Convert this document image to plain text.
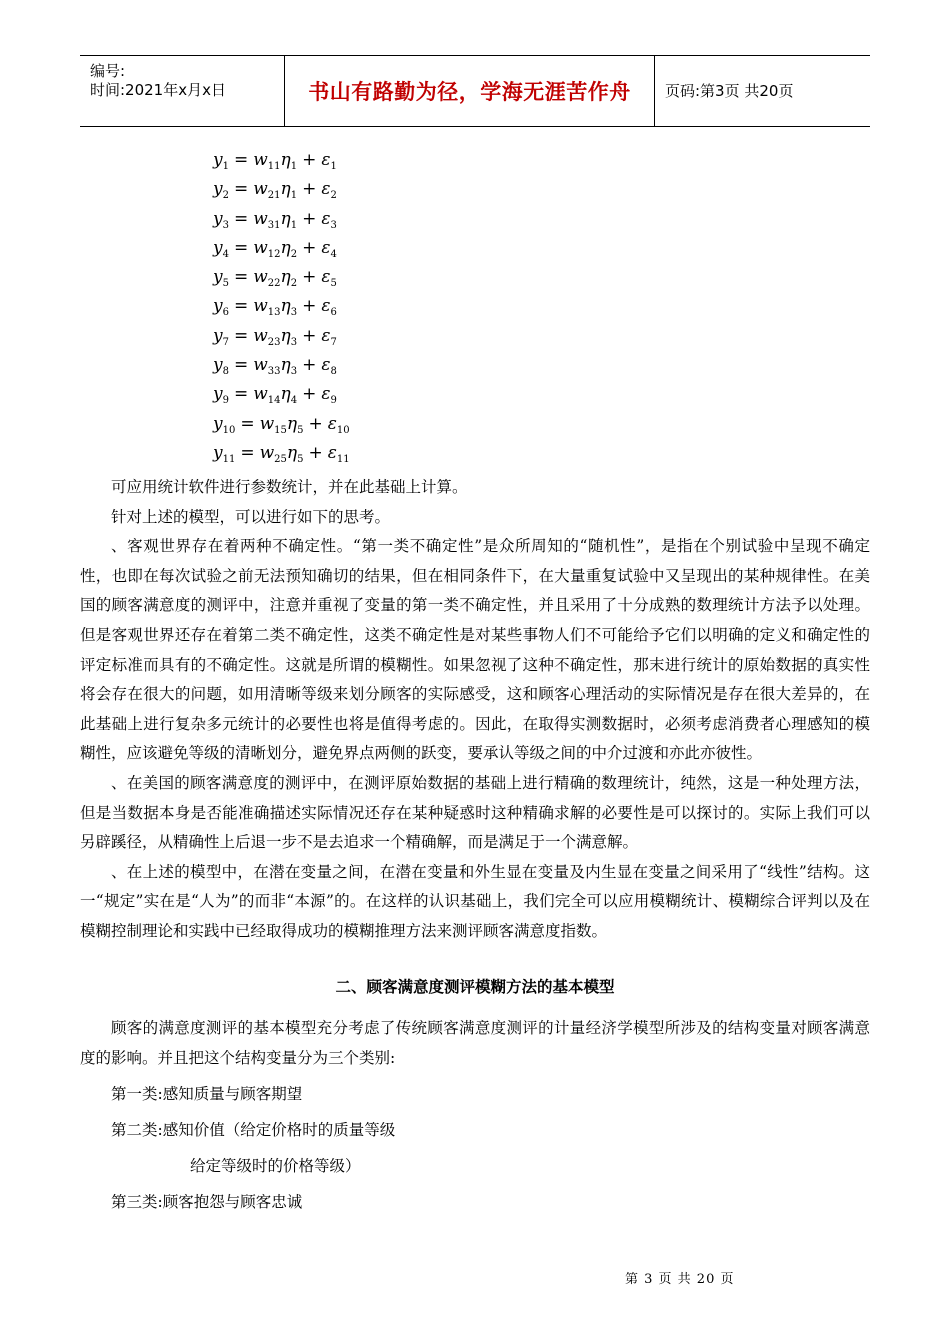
编号:
时间:2021年x月x日	书山有路勤为径，学海无涯苦作舟 页码:第3页 共20页
$y_1 = w_{11}\eta_1 + \varepsilon_1$
$y_2 = w_{21}\eta_1 + \varepsilon_2$
$y_3 = w_{31}\eta_1 + \varepsilon_3$
$y_4 = w_{12}\eta_2 + \varepsilon_4$
$y_5 = w_{22}\eta_2 + \varepsilon_5$
$y_6 = w_{13}\eta_3 + \varepsilon_6$
$y_7 = w_{23}\eta_3 + \varepsilon_7$
$y_8 = w_{33}\eta_3 + \varepsilon_8$
$y_9 = w_{14}\eta_4 + \varepsilon_9$
$y_{10} = w_{15}\eta_5 + \varepsilon_{10}$
$y_{11} = w_{25}\eta_5 + \varepsilon_{11}$

可应用统计软件进行参数统计，并在此基础上计算。

针对上述的模型，可以进行如下的思考。

、客观世界存在着两种不确定性。“第一类不确定性”是众所周知的“随机性”，是指在个别试验中呈现不确定性，也即在每次试验之前无法预知确切的结果，但在相同条件下，在大量重复试验中又呈现出的某种规律性。在美国的顾客满意度的测评中，注意并重视了变量的第一类不确定性，并且采用了十分成熟的数理统计方法予以处理。但是客观世界还存在着第二类不确定性，这类不确定性是对某些事物人们不可能给予它们以明确的定义和确定性的评定标准而具有的不确定性。这就是所谓的模糊性。如果忽视了这种不确定性，那末进行统计的原始数据的真实性将会存在很大的问题，如用清晰等级来划分顾客的实际感受，这和顾客心理活动的实际情况是存在很大差异的，在此基础上进行复杂多元统计的必要性也将是值得考虑的。因此，在取得实测数据时，必须考虑消费者心理感知的模糊性，应该避免等级的清晰划分，避免界点两侧的跃变，要承认等级之间的中介过渡和亦此亦彼性。

、在美国的顾客满意度的测评中，在测评原始数据的基础上进行精确的数理统计，纯然，这是一种处理方法，但是当数据本身是否能准确描述实际情况还存在某种疑惑时这种精确求解的必要性是可以探讨的。实际上我们可以另辟蹊径，从精确性上后退一步不是去追求一个精确解，而是满足于一个满意解。

、在上述的模型中，在潜在变量之间，在潜在变量和外生显在变量及内生显在变量之间采用了“线性”结构。这一“规定”实在是“人为”的而非“本源”的。在这样的认识基础上，我们完全可以应用模糊统计、模糊综合评判以及在模糊控制理论和实践中已经取得成功的模糊推理方法来测评顾客满意度指数。

二、顾客满意度测评模糊方法的基本模型

顾客的满意度测评的基本模型充分考虑了传统顾客满意度测评的计量经济学模型所涉及的结构变量对顾客满意度的影响。并且把这个结构变量分为三个类别:

第一类:感知质量与顾客期望

第二类:感知价值（给定价格时的质量等级

给定等级时的价格等级）

第三类:顾客抱怨与顾客忠诚

第 3 页 共 20 页
